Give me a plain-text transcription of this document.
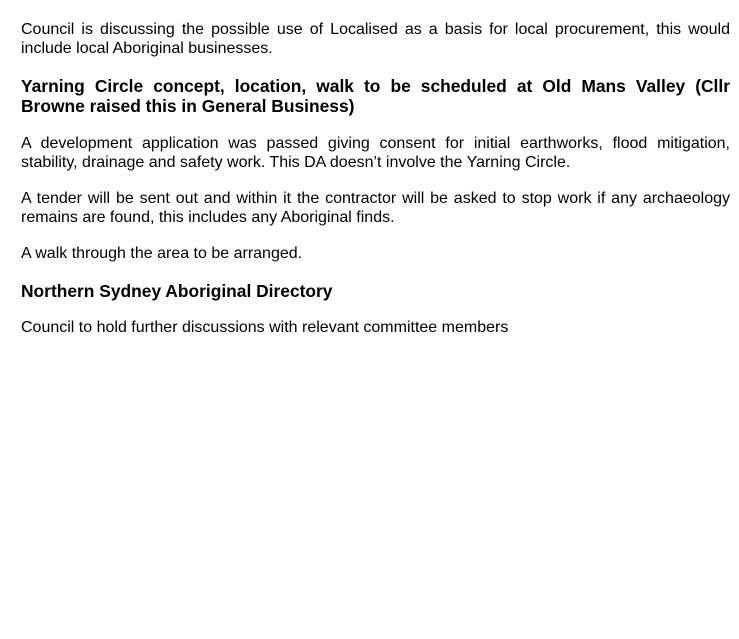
Council is discussing the possible use of Localised as a basis for local procurement, this would include local Aboriginal businesses.

Yarning Circle concept, location, walk to be scheduled at Old Mans Valley (Cllr Browne raised this in General Business)

A development application was passed giving consent for initial earthworks, flood mitigation, stability, drainage and safety work. This DA doesn’t involve the Yarning Circle.

A tender will be sent out and within it the contractor will be asked to stop work if any archaeology remains are found, this includes any Aboriginal finds.

A walk through the area to be arranged.

Northern Sydney Aboriginal Directory

Council to hold further discussions with relevant committee members
